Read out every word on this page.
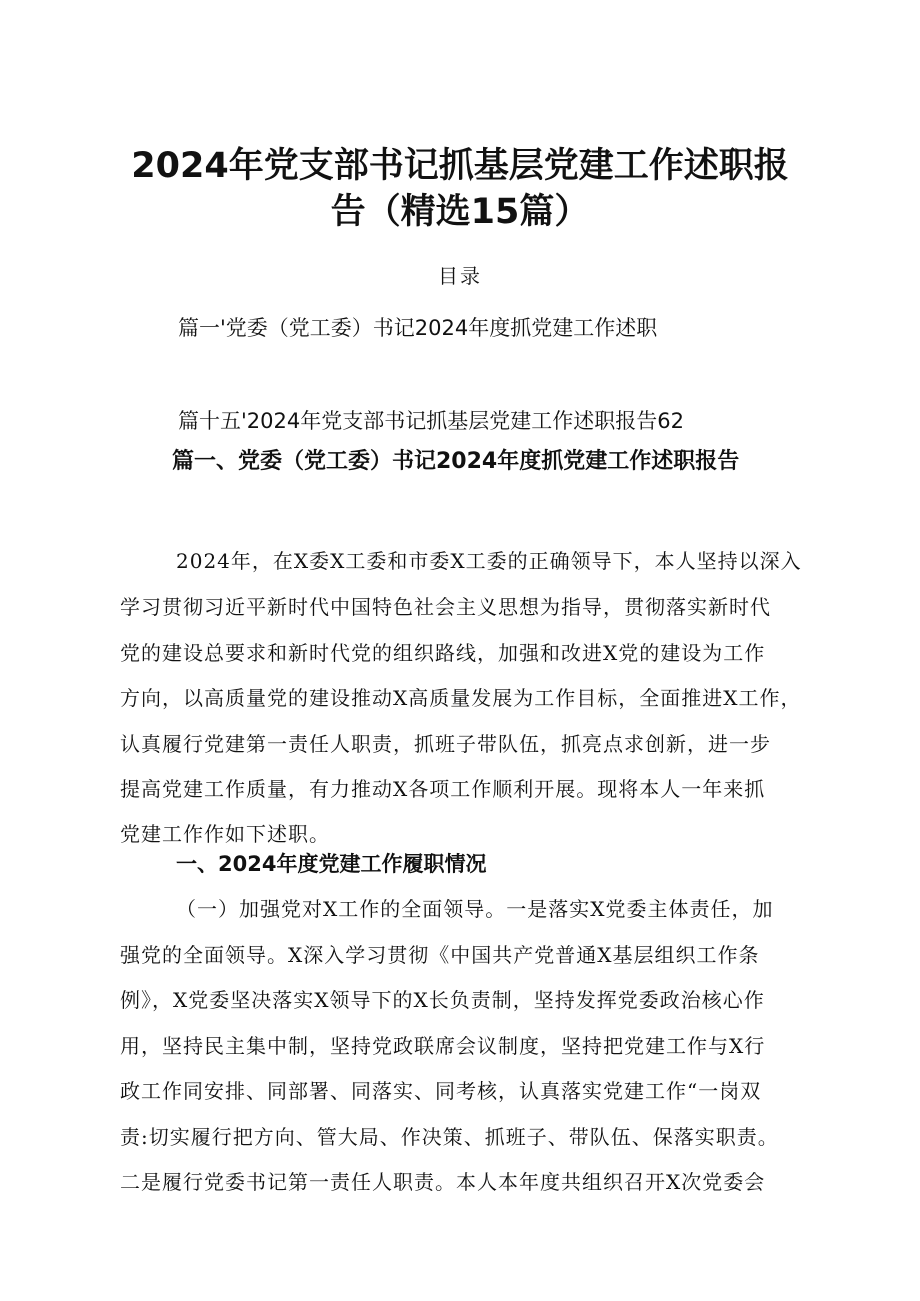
2024年党支部书记抓基层党建工作述职报
告（精选15篇）
目录
篇一'党委（党工委）书记2024年度抓党建工作述职
篇十五'2024年党支部书记抓基层党建工作述职报告62
篇一、党委（党工委）书记2024年度抓党建工作述职报告
2024年，在X委X工委和市委X工委的正确领导下，本人坚持以深入
学习贯彻习近平新时代中国特色社会主义思想为指导，贯彻落实新时代
党的建设总要求和新时代党的组织路线，加强和改进X党的建设为工作
方向，以高质量党的建设推动X高质量发展为工作目标，全面推进X工作，
认真履行党建第一责任人职责，抓班子带队伍，抓亮点求创新，进一步
提高党建工作质量，有力推动X各项工作顺利开展。现将本人一年来抓
党建工作作如下述职。
一、2024年度党建工作履职情况
（一）加强党对X工作的全面领导。一是落实X党委主体责任，加
强党的全面领导。X深入学习贯彻《中国共产党普通X基层组织工作条
例》，X党委坚决落实X领导下的X长负责制，坚持发挥党委政治核心作
用，坚持民主集中制，坚持党政联席会议制度，坚持把党建工作与X行
政工作同安排、同部署、同落实、同考核，认真落实党建工作“一岗双
责:切实履行把方向、管大局、作决策、抓班子、带队伍、保落实职责。
二是履行党委书记第一责任人职责。本人本年度共组织召开X次党委会
